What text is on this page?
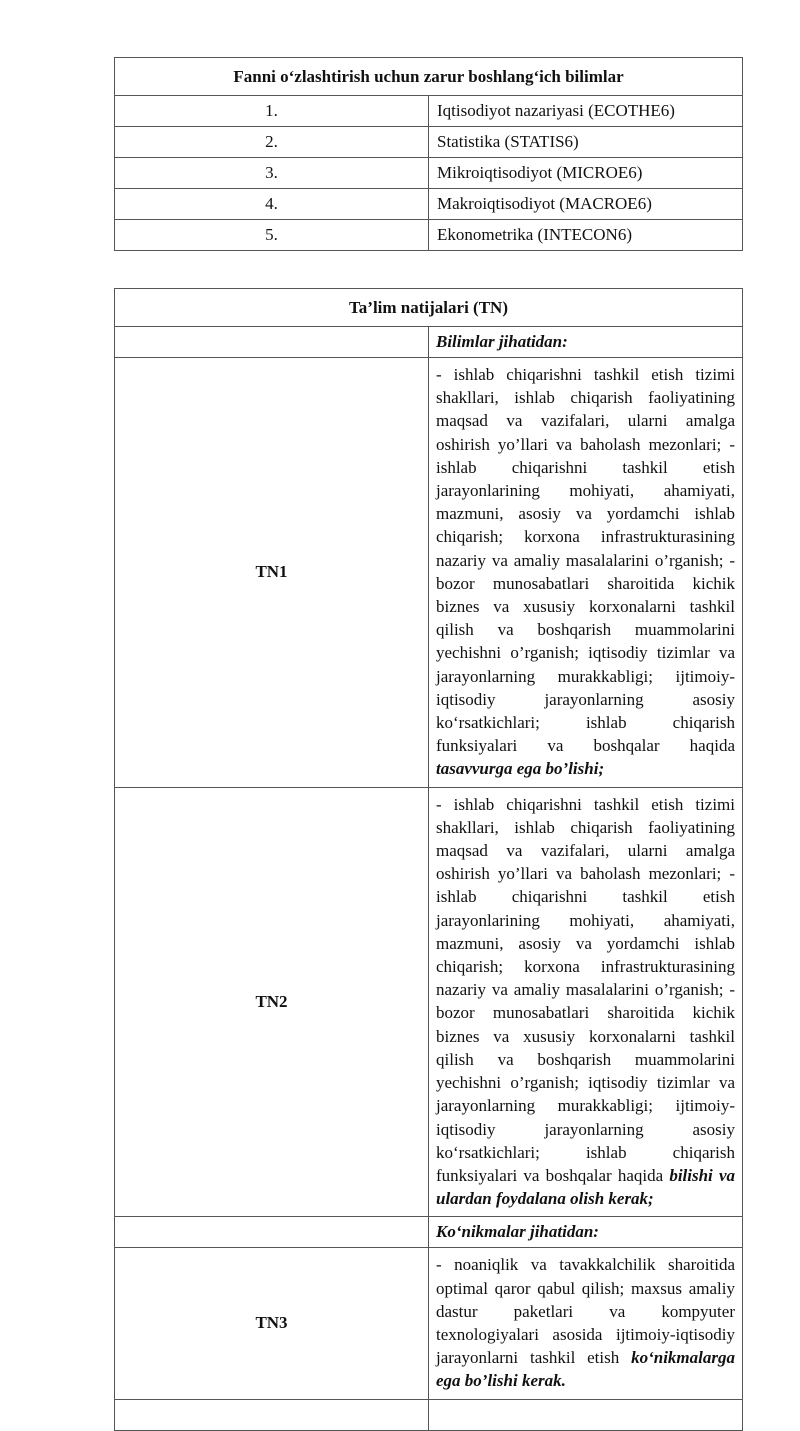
Fanni o‘zlashtirish uchun zarur boshlang‘ich bilimlar	
1.	Iqtisodiyot nazariyasi (ECOTHE6)
2.	Statistika (STATIS6)
3.	Mikroiqtisodiyot (MICROE6)
4.	Makroiqtisodiyot (MACROE6)
5.	Ekonometrika (INTECON6)
Ta’lim natijalari (TN)	
	Bilimlar jihatidan:
TN1	- ishlab chiqarishni tashkil etish tizimi shakllari, ishlab chiqarish faoliyatining maqsad va vazifalari, ularni amalga oshirish yo’llari va baholash mezonlari; - ishlab chiqarishni tashkil etish jarayonlarining mohiyati, ahamiyati, mazmuni, asosiy va yordamchi ishlab chiqarish; korxona infrastrukturasining nazariy va amaliy masalalarini o’rganish; - bozor munosabatlari sharoitida kichik biznes va xususiy korxonalarni tashkil qilish va boshqarish muammolarini yechishni o’rganish; iqtisodiy tizimlar va jarayonlarning murakkabligi; ijtimoiy-iqtisodiy jarayonlarning asosiy ko‘rsatkichlari; ishlab chiqarish funksiyalari va boshqalar haqida tasavvurga ega bo’lishi;
TN2	- ishlab chiqarishni tashkil etish tizimi shakllari, ishlab chiqarish faoliyatining maqsad va vazifalari, ularni amalga oshirish yo’llari va baholash mezonlari; - ishlab chiqarishni tashkil etish jarayonlarining mohiyati, ahamiyati, mazmuni, asosiy va yordamchi ishlab chiqarish; korxona infrastrukturasining nazariy va amaliy masalalarini o’rganish; - bozor munosabatlari sharoitida kichik biznes va xususiy korxonalarni tashkil qilish va boshqarish muammolarini yechishni o’rganish; iqtisodiy tizimlar va jarayonlarning murakkabligi; ijtimoiy-iqtisodiy jarayonlarning asosiy ko‘rsatkichlari; ishlab chiqarish funksiyalari va boshqalar haqida bilishi va ulardan foydalana olish kerak;
	Ko‘nikmalar jihatidan:
TN3	- noaniqlik va tavakkalchilik sharoitida optimal qaror qabul qilish; maxsus amaliy dastur paketlari va kompyuter texnologiyalari asosida ijtimoiy-iqtisodiy jarayonlarni tashkil etish ko‘nikmalarga ega bo’lishi kerak.
